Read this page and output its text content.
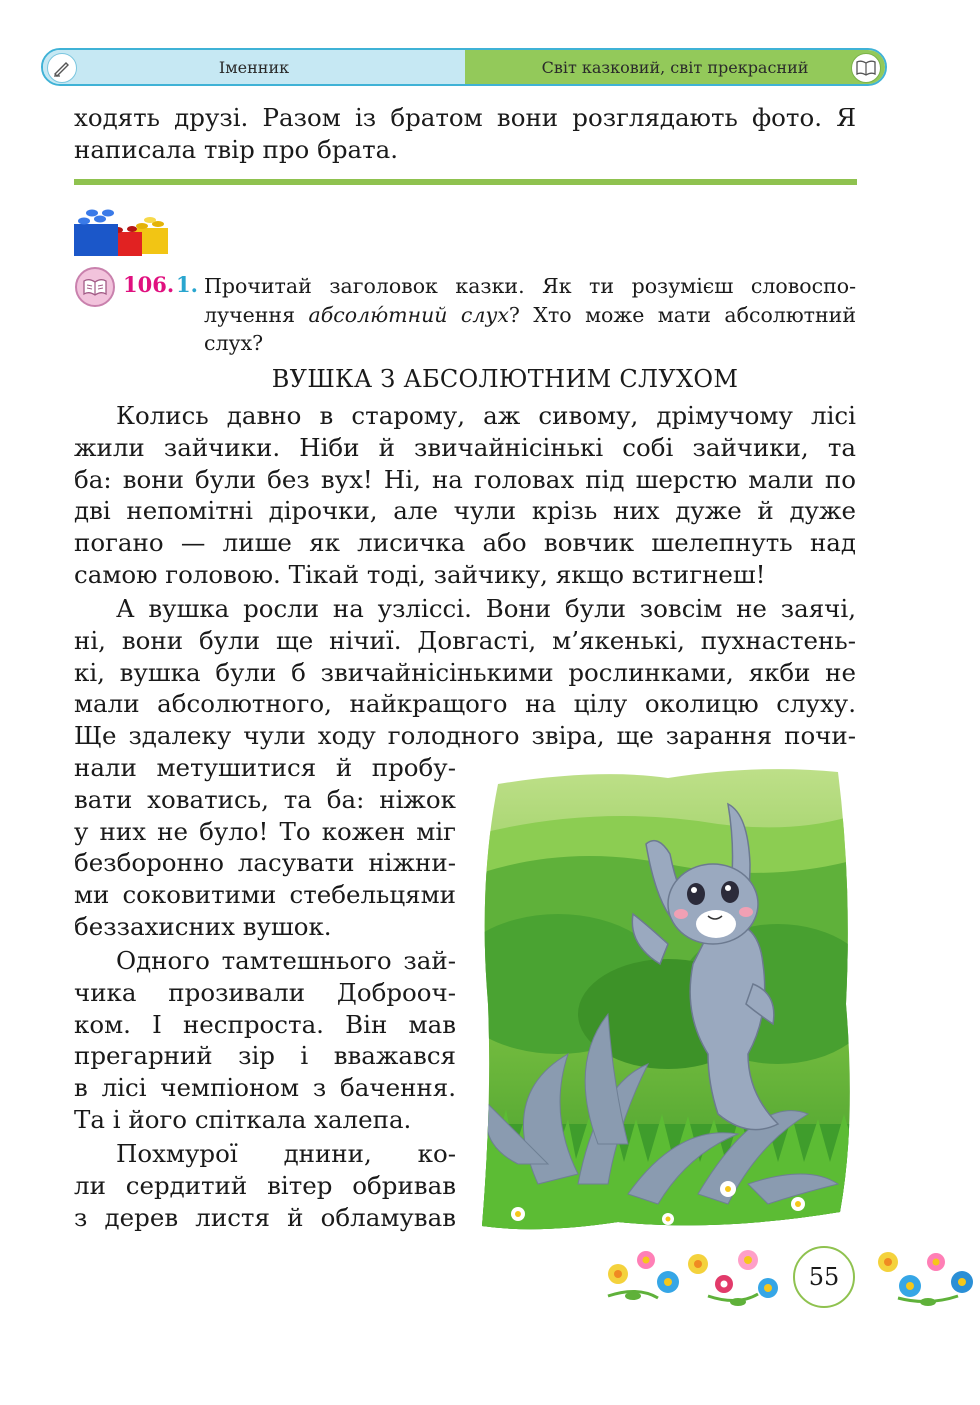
Іменник	Світ казковий, світ прекрасний
ходять друзі. Разом із братом вони розглядають фото. Я
написала твір про брата.
106. 1. Прочитай заголовок казки. Як ти розумієш словоспо-
лучення абсолю́тний слух? Хто може мати абсолютний
слух?
ВУШКА З АБСОЛЮТНИМ СЛУХОМ
Колись давно в старому, аж сивому, дрімучому лісі
жили зайчики. Ніби й звичайнісінькі собі зайчики, та
ба: вони були без вух! Ні, на головах під шерстю мали по
дві непомітні дірочки, але чули крізь них дуже й дуже
погано — лише як лисичка або вовчик шелепнуть над
самою головою. Тікай тоді, зайчику, якщо встигнеш!
А вушка росли на узліссі. Вони були зовсім не заячі,
ні, вони були ще нічиї. Довгасті, м’якенькі, пухнастень-
кі, вушка були б звичайнісінькими рослинками, якби не
мали абсолютного, найкращого на цілу околицю слуху.
Ще здалеку чули ходу голодного звіра, ще зарання почи-
нали метушитися й пробу-
вати ховатись, та ба: ніжок
у них не було! То кожен міг
безборонно ласувати ніжни-
ми соковитими стебельцями
беззахисних вушок.
Одного тамтешнього зай-
чика прозивали Доброоч-
ком. І неспроста. Він мав
прегарний зір і вважався
в лісі чемпіоном з бачення.
Та і його спіткала халепа.
Похмурої днини, ко-
ли сердитий вітер обривав
з дерев листя й обламував
55
